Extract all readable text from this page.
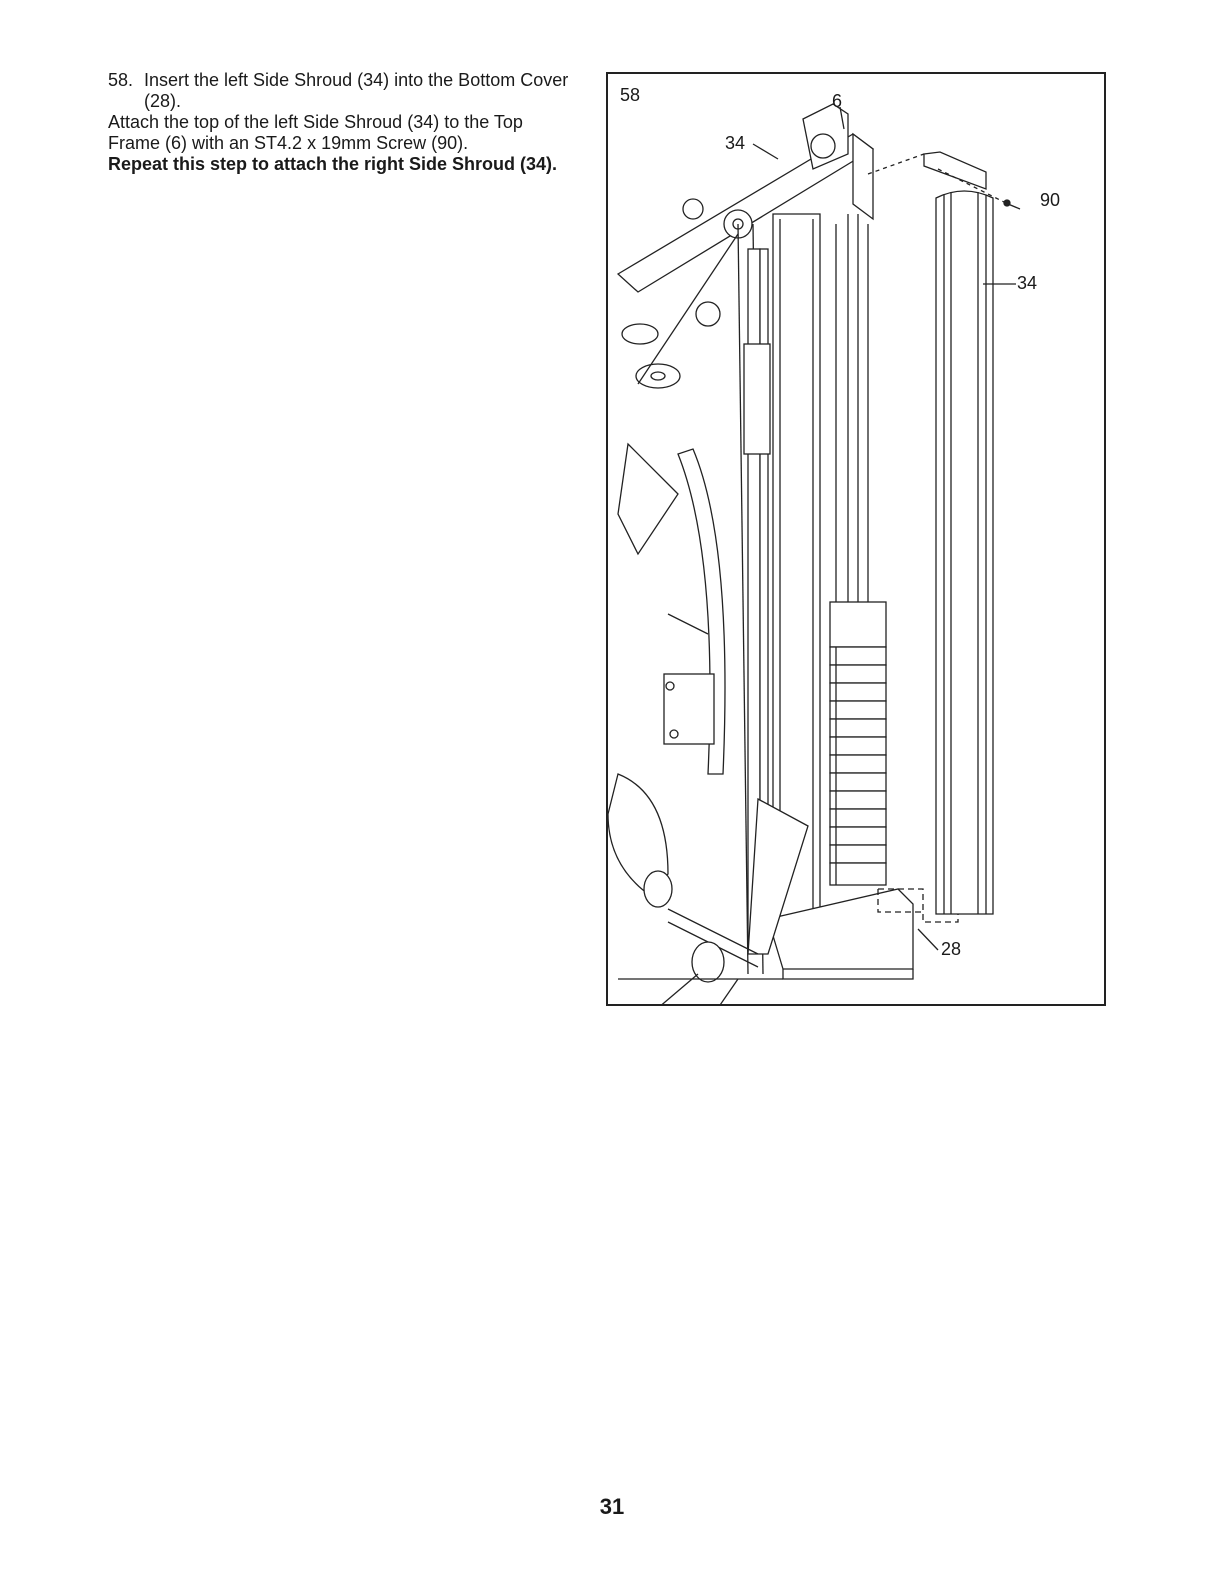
58. Insert the left Side Shroud (34) into the Bottom Cover (28).

Attach the top of the left Side Shroud (34) to the Top Frame (6) with an ST4.2 x 19mm Screw (90).

Repeat this step to attach the right Side Shroud (34).

58	6
34
90
34
28
31
